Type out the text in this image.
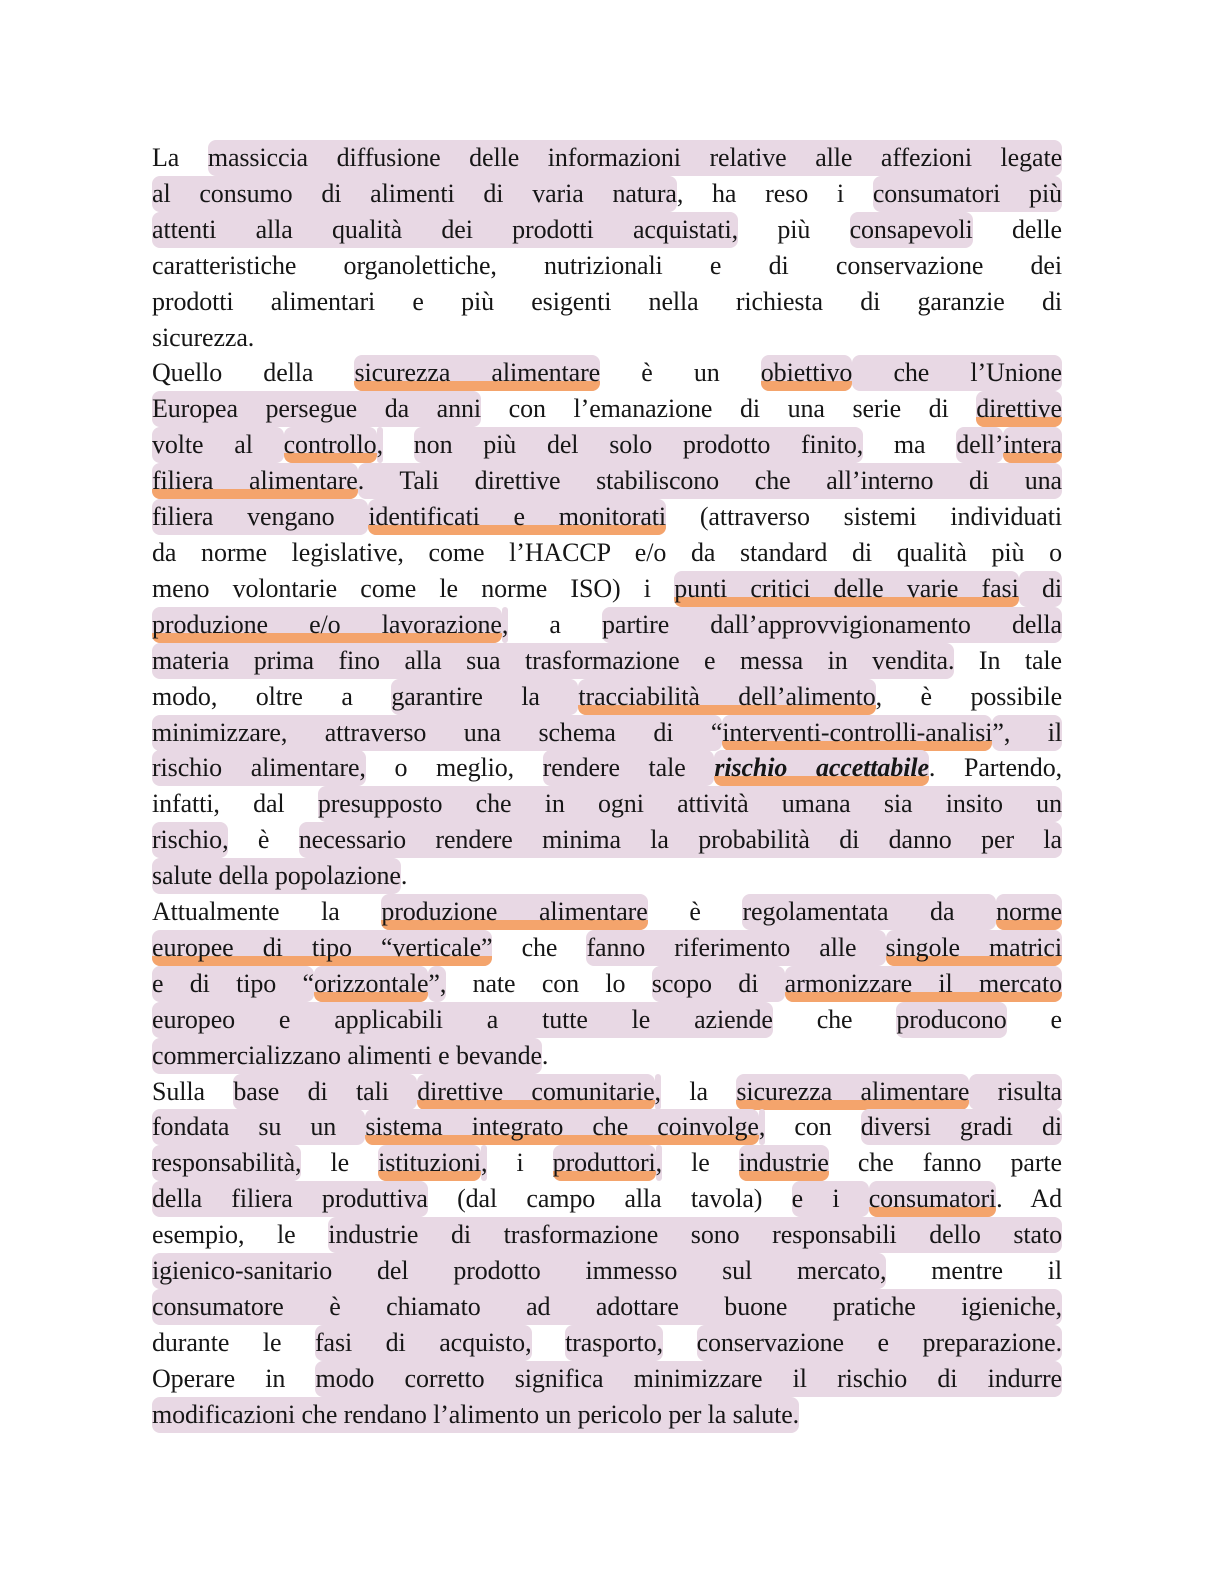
La massiccia diffusione delle informazioni relative alle affezioni legate
al consumo di alimenti di varia natura, ha reso i consumatori più
attenti alla qualità dei prodotti acquistati, più consapevoli delle
caratteristiche organolettiche, nutrizionali e di conservazione dei
prodotti alimentari e più esigenti nella richiesta di garanzie di
sicurezza.
Quello della sicurezza alimentare è un obiettivo che l’Unione
Europea persegue da anni con l’emanazione di una serie di direttive
volte al controllo, non più del solo prodotto finito, ma dell’intera
filiera alimentare. Tali direttive stabiliscono che all’interno di una
filiera vengano identificati e monitorati (attraverso sistemi individuati
da norme legislative, come l’HACCP e/o da standard di qualità più o
meno volontarie come le norme ISO) i punti critici delle varie fasi di
produzione e/o lavorazione, a partire dall’approvvigionamento della
materia prima fino alla sua trasformazione e messa in vendita. In tale
modo, oltre a garantire la tracciabilità dell’alimento, è possibile
minimizzare, attraverso una schema di “interventi-controlli-analisi”, il
rischio alimentare, o meglio, rendere tale rischio accettabile. Partendo,
infatti, dal presupposto che in ogni attività umana sia insito un
rischio, è necessario rendere minima la probabilità di danno per la
salute della popolazione.
Attualmente la produzione alimentare è regolamentata da norme
europee di tipo “verticale” che fanno riferimento alle singole matrici
e di tipo “orizzontale”, nate con lo scopo di armonizzare il mercato
europeo e applicabili a tutte le aziende che producono e
commercializzano alimenti e bevande.
Sulla base di tali direttive comunitarie, la sicurezza alimentare risulta
fondata su un sistema integrato che coinvolge, con diversi gradi di
responsabilità, le istituzioni, i produttori, le industrie che fanno parte
della filiera produttiva (dal campo alla tavola) e i consumatori. Ad
esempio, le industrie di trasformazione sono responsabili dello stato
igienico-sanitario del prodotto immesso sul mercato, mentre il
consumatore è chiamato ad adottare buone pratiche igieniche,
durante le fasi di acquisto, trasporto, conservazione e preparazione.
Operare in modo corretto significa minimizzare il rischio di indurre
modificazioni che rendano l’alimento un pericolo per la salute.
